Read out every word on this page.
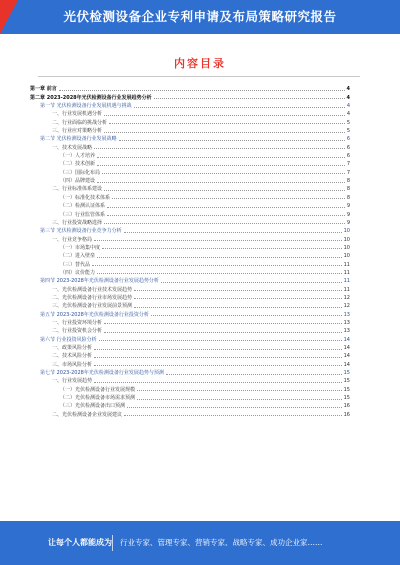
光伏检测设备企业专利申请及布局策略研究报告
内容目录
第一章 前言	4
第二章 2023-2028年光伏检测设备行业发展趋势分析	4
第一节 光伏检测设备行业发展机遇与挑战	4
一、行业发展机遇分析	4
二、行业面临的挑战分析	5
三、行业应对策略分析	5
第二节 光伏检测设备行业发展战略	6
一、技术发展战略	6
（一）人才培养	6
（二）技术创新	7
（三）国际化布局	7
（四）品牌建设	8
二、行业标准体系建设	8
（一）标准化技术体系	8
（二）检测认证体系	9
（三）行业监管体系	9
三、行业投资战略选择	9
第三节 光伏检测设备行业竞争力分析	10
一、行业竞争格局	10
（一）市场集中度	10
（二）进入壁垒	10
（三）替代品	11
（四）议价能力	11
第四节 2023-2028年光伏检测设备行业发展趋势分析	11
一、光伏检测设备行业技术发展趋势	11
二、光伏检测设备行业市场发展趋势	12
三、光伏检测设备行业发展前景预测	12
第五节 2023-2028年光伏检测设备行业投资分析	13
一、行业投资环境分析	13
二、行业投资机会分析	13
第六节 行业投资风险分析	14
一、政策风险分析	14
二、技术风险分析	14
三、市场风险分析	14
第七节 2023-2028年光伏检测设备行业发展趋势与预测	15
一、行业发展趋势	15
（一）光伏检测设备行业发展规模	15
（二）光伏检测设备市场需求预测	15
（三）光伏检测设备出口预测	16
二、光伏检测设备企业发展建议	16
让每个人都能成为 行业专家、管理专家、营销专家、战略专家、成功企业家……
